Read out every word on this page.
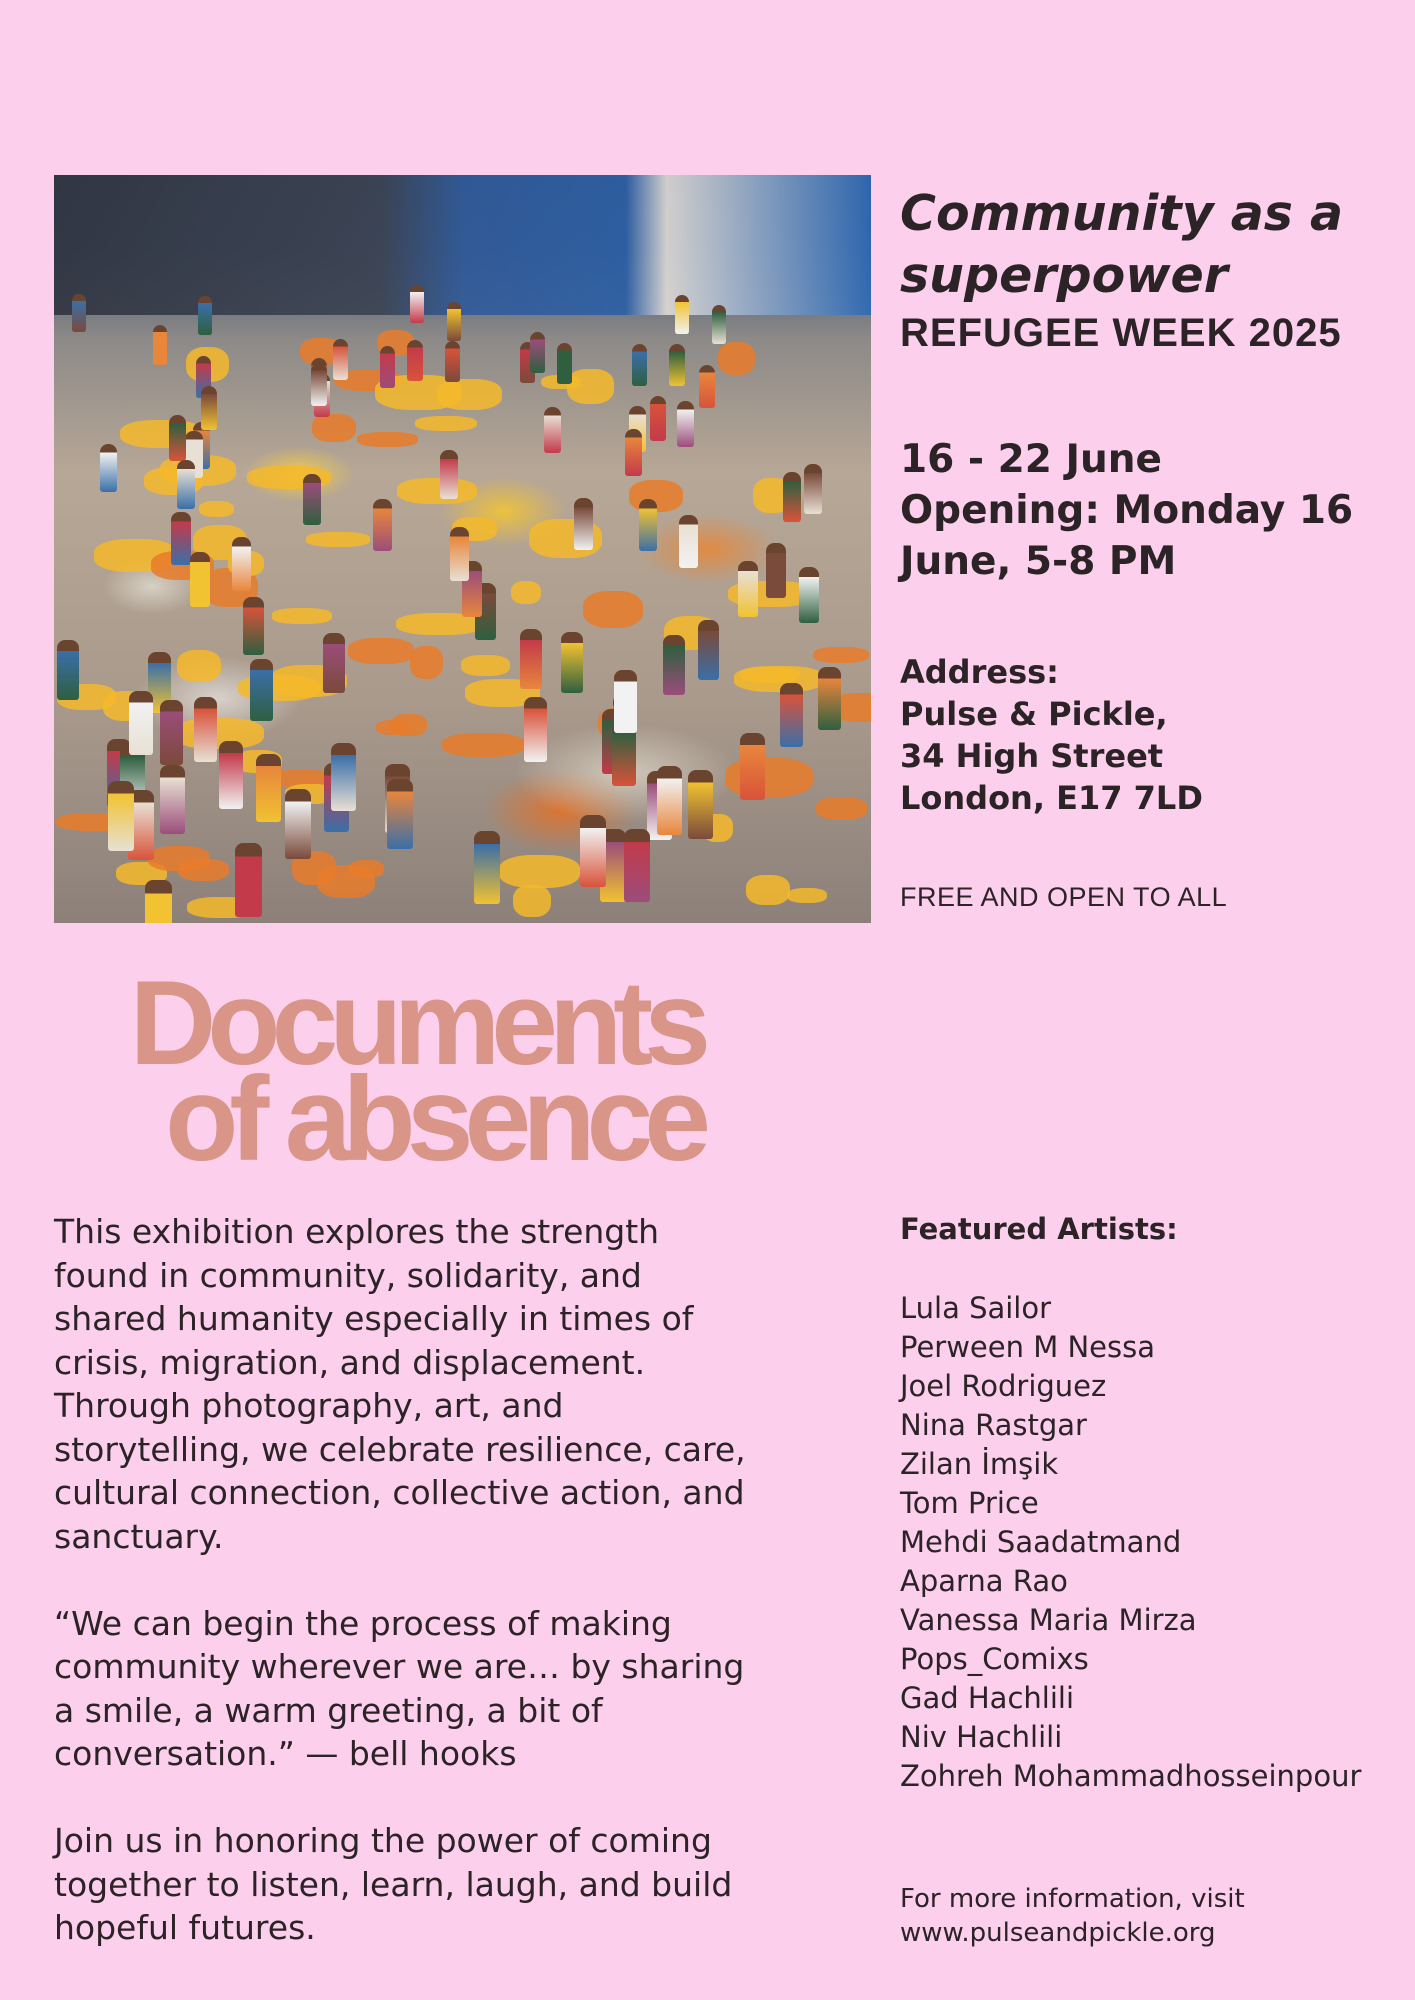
Community as a superpower
REFUGEE WEEK 2025
16 - 22 June
Opening: Monday 16
June, 5-8 PM
Address:
Pulse & Pickle,
34 High Street
London, E17 7LD

FREE AND OPEN TO ALL

Documents
of absence

This exhibition explores the strength found in community, solidarity, and shared humanity especially in times of crisis, migration, and displacement. Through photography, art, and storytelling, we celebrate resilience, care, cultural connection, collective action, and sanctuary.

“We can begin the process of making community wherever we are… by sharing a smile, a warm greeting, a bit of conversation.” — bell hooks

Join us in honoring the power of coming together to listen, learn, laugh, and build hopeful futures.

Featured Artists:
Lula Sailor
Perween M Nessa
Joel Rodriguez
Nina Rastgar
Zilan İmşik
Tom Price
Mehdi Saadatmand
Aparna Rao
Vanessa Maria Mirza
Pops_Comixs
Gad Hachlili
Niv Hachlili
Zohreh Mohammadhosseinpour
For more information, visit
www.pulseandpickle.org
